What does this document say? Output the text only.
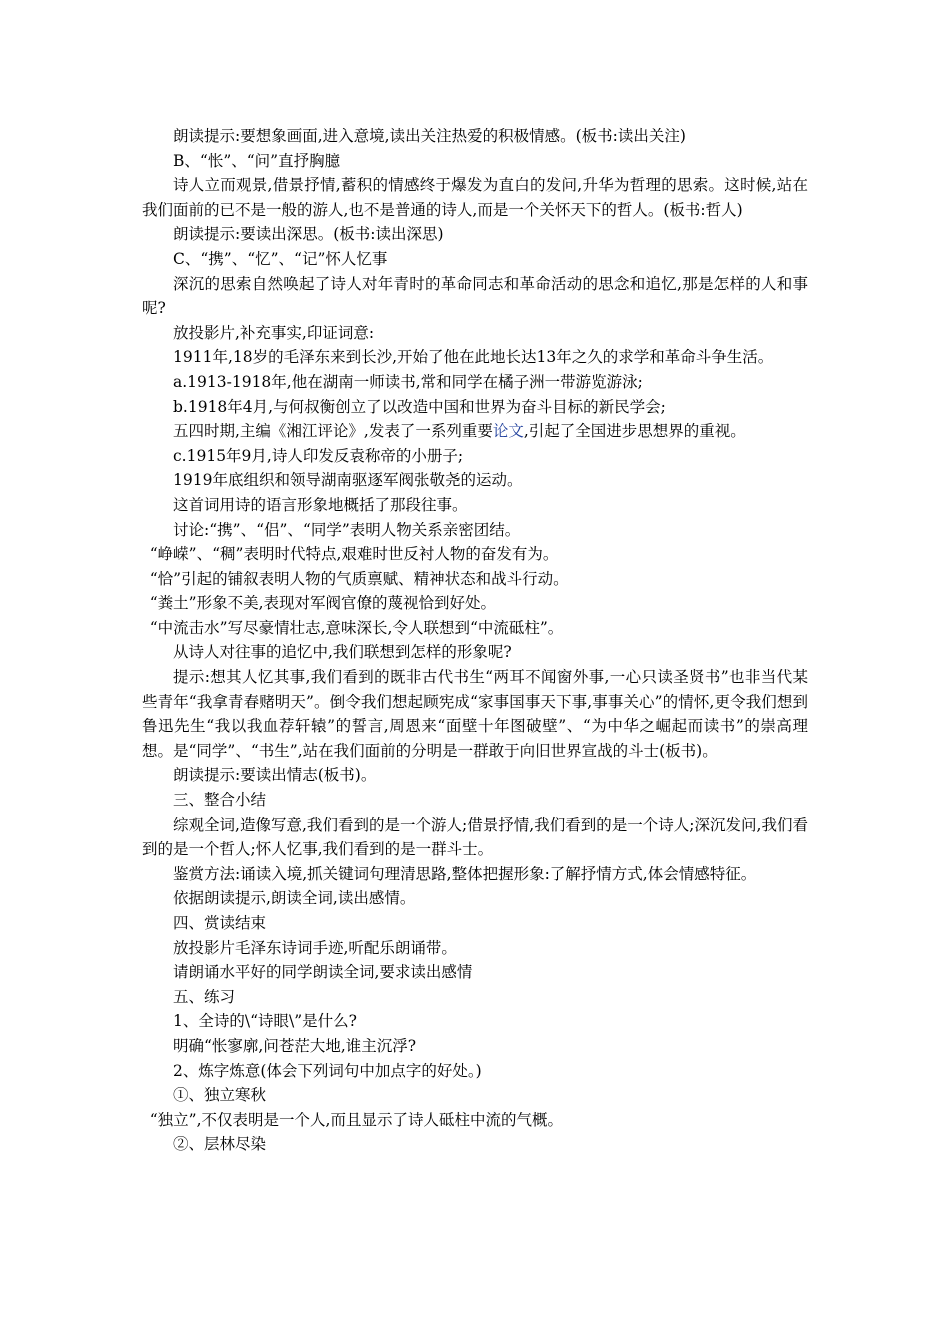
朗读提示:要想象画面,进入意境,读出关注热爱的积极情感。(板书:读出关注)

B、“怅”、“问”直抒胸臆

诗人立而观景,借景抒情,蓄积的情感终于爆发为直白的发问,升华为哲理的思索。这时候,站在我们面前的已不是一般的游人,也不是普通的诗人,而是一个关怀天下的哲人。(板书:哲人)

朗读提示:要读出深思。(板书:读出深思)

C、“携”、“忆”、“记”怀人忆事

深沉的思索自然唤起了诗人对年青时的革命同志和革命活动的思念和追忆,那是怎样的人和事呢?

放投影片,补充事实,印证词意:

1911年,18岁的毛泽东来到长沙,开始了他在此地长达13年之久的求学和革命斗争生活。

a.1913-1918年,他在湖南一师读书,常和同学在橘子洲一带游览游泳;

b.1918年4月,与何叔衡创立了以改造中国和世界为奋斗目标的新民学会;

五四时期,主编《湘江评论》,发表了一系列重要论文,引起了全国进步思想界的重视。

c.1915年9月,诗人印发反袁称帝的小册子;

1919年底组织和领导湖南驱逐军阀张敬尧的运动。

这首词用诗的语言形象地概括了那段往事。

讨论:“携”、“侣”、“同学”表明人物关系亲密团结。

“峥嵘”、“稠”表明时代特点,艰难时世反衬人物的奋发有为。

“恰”引起的铺叙表明人物的气质禀赋、精神状态和战斗行动。

“粪土”形象不美,表现对军阀官僚的蔑视恰到好处。

“中流击水”写尽豪情壮志,意味深长,令人联想到“中流砥柱”。

从诗人对往事的追忆中,我们联想到怎样的形象呢?

提示:想其人忆其事,我们看到的既非古代书生“两耳不闻窗外事,一心只读圣贤书”也非当代某些青年“我拿青春赌明天”。倒令我们想起顾宪成“家事国事天下事,事事关心”的情怀,更令我们想到鲁迅先生“我以我血荐轩辕”的誓言,周恩来“面壁十年图破壁”、“为中华之崛起而读书”的崇高理想。是“同学”、“书生”,站在我们面前的分明是一群敢于向旧世界宣战的斗士(板书)。

朗读提示:要读出情志(板书)。

三、整合小结

综观全词,造像写意,我们看到的是一个游人;借景抒情,我们看到的是一个诗人;深沉发问,我们看到的是一个哲人;怀人忆事,我们看到的是一群斗士。

鉴赏方法:诵读入境,抓关键词句理清思路,整体把握形象:了解抒情方式,体会情感特征。

依据朗读提示,朗读全词,读出感情。

四、赏读结束

放投影片毛泽东诗词手迹,听配乐朗诵带。

请朗诵水平好的同学朗读全词,要求读出感情

五、练习

1、全诗的\“诗眼\”是什么?

明确“怅寥廓,问苍茫大地,谁主沉浮?

2、炼字炼意(体会下列词句中加点字的好处。)

①、独立寒秋

“独立”,不仅表明是一个人,而且显示了诗人砥柱中流的气概。

②、层林尽染
